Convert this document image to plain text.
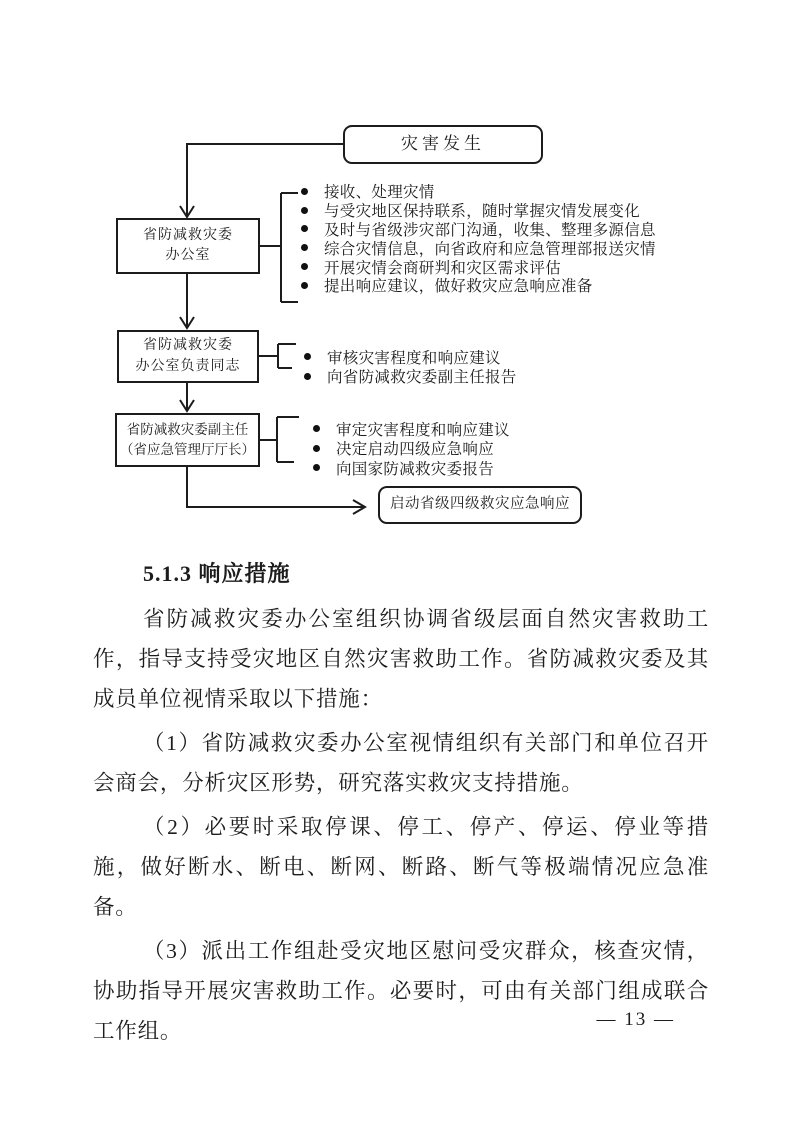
灾害发生
省防减救灾委
办公室
省防减救灾委
办公室负责同志
省防减救灾委副主任
（省应急管理厅厅长）
启动省级四级救灾应急响应
接收、处理灾情
与受灾地区保持联系，随时掌握灾情发展变化
及时与省级涉灾部门沟通，收集、整理多源信息
综合灾情信息，向省政府和应急管理部报送灾情
开展灾情会商研判和灾区需求评估
提出响应建议，做好救灾应急响应准备
审核灾害程度和响应建议
向省防减救灾委副主任报告
审定灾害程度和响应建议
决定启动四级应急响应
向国家防减救灾委报告
5.1.3 响应措施

省防减救灾委办公室组织协调省级层面自然灾害救助工作，指导支持受灾地区自然灾害救助工作。省防减救灾委及其成员单位视情采取以下措施：

（1）省防减救灾委办公室视情组织有关部门和单位召开会商会，分析灾区形势，研究落实救灾支持措施。

（2）必要时采取停课、停工、停产、停运、停业等措施，做好断水、断电、断网、断路、断气等极端情况应急准备。

（3）派出工作组赴受灾地区慰问受灾群众，核查灾情，协助指导开展灾害救助工作。必要时，可由有关部门组成联合工作组。	— 13 —
